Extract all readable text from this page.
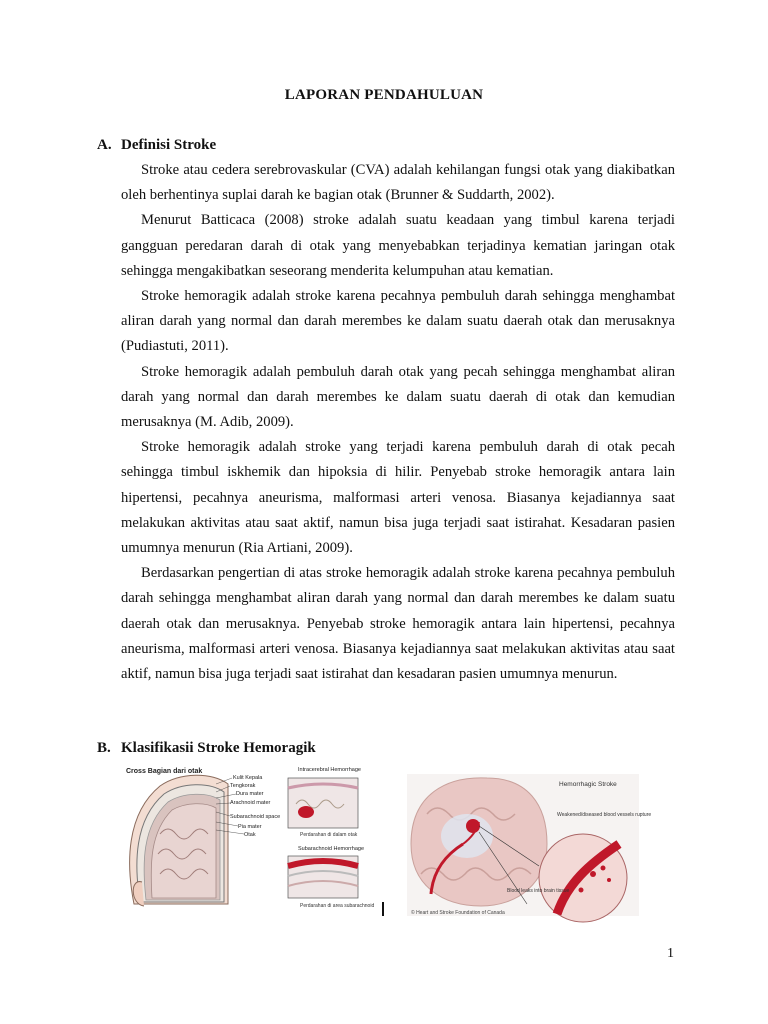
LAPORAN PENDAHULUAN
A. Definisi Stroke

Stroke atau cedera serebrovaskular (CVA) adalah kehilangan fungsi otak yang diakibatkan oleh berhentinya suplai darah ke bagian otak (Brunner & Suddarth, 2002).

Menurut Batticaca (2008) stroke adalah suatu keadaan yang timbul karena terjadi gangguan peredaran darah di otak yang menyebabkan terjadinya kematian jaringan otak sehingga mengakibatkan seseorang menderita kelumpuhan atau kematian.

Stroke hemoragik adalah stroke karena pecahnya pembuluh darah sehingga menghambat aliran darah yang normal dan darah merembes ke dalam suatu daerah otak dan merusaknya (Pudiastuti, 2011).

Stroke hemoragik adalah pembuluh darah otak yang pecah sehingga menghambat aliran darah yang normal dan darah merembes ke dalam suatu daerah di otak dan kemudian merusaknya (M. Adib, 2009).

Stroke hemoragik adalah stroke yang terjadi karena pembuluh darah di otak pecah sehingga timbul iskhemik dan hipoksia di hilir. Penyebab stroke hemoragik antara lain hipertensi, pecahnya aneurisma, malformasi arteri venosa. Biasanya kejadiannya saat melakukan aktivitas atau saat aktif, namun bisa juga terjadi saat istirahat. Kesadaran pasien umumnya menurun (Ria Artiani, 2009).

Berdasarkan pengertian di atas stroke hemoragik adalah stroke karena pecahnya pembuluh darah sehingga menghambat aliran darah yang normal dan darah merembes ke dalam suatu daerah otak dan merusaknya. Penyebab stroke hemoragik antara lain hipertensi, pecahnya aneurisma, malformasi arteri venosa. Biasanya kejadiannya saat melakukan aktivitas atau saat aktif, namun bisa juga terjadi saat istirahat dan kesadaran pasien umumnya menurun.

B. Klasifikasii Stroke Hemoragik
Cross Bagian dari otak
Kulit Kepala
Tengkorak
Dura mater
Arachnoid mater
Subarachnoid space
Pia mater
Otak
Intracerebral Hemorrhage
Perdarahan di dalam otak
Subarachnoid Hemorrhage
Perdarahan di area subarachnoid
Hemorrhagic Stroke
Weakened/diseased blood vessels rupture
Blood leaks into brain tissue
© Heart and Stroke Foundation of Canada
1
